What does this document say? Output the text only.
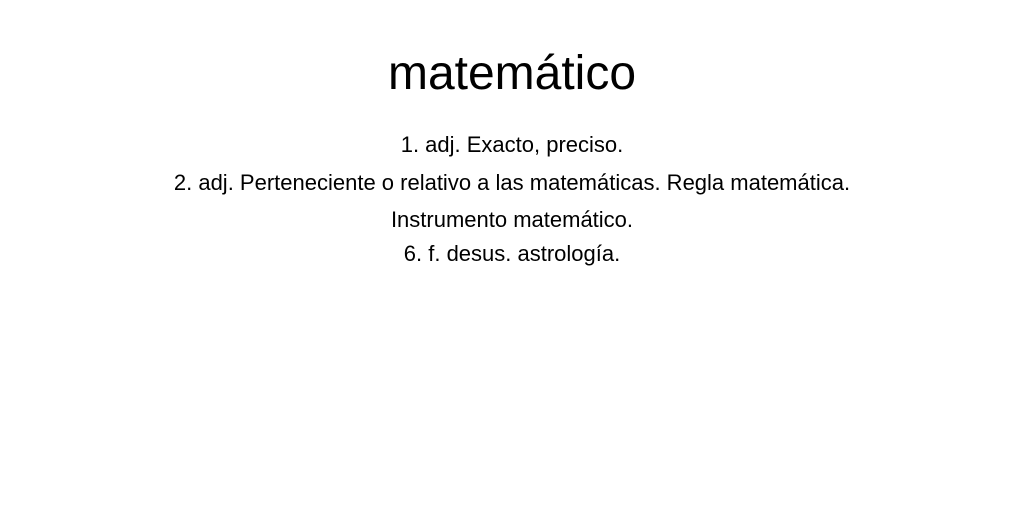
matemático

1. adj. Exacto, preciso.

2. adj. Perteneciente o relativo a las matemáticas. Regla matemática.

Instrumento matemático.

6. f. desus. astrología.
